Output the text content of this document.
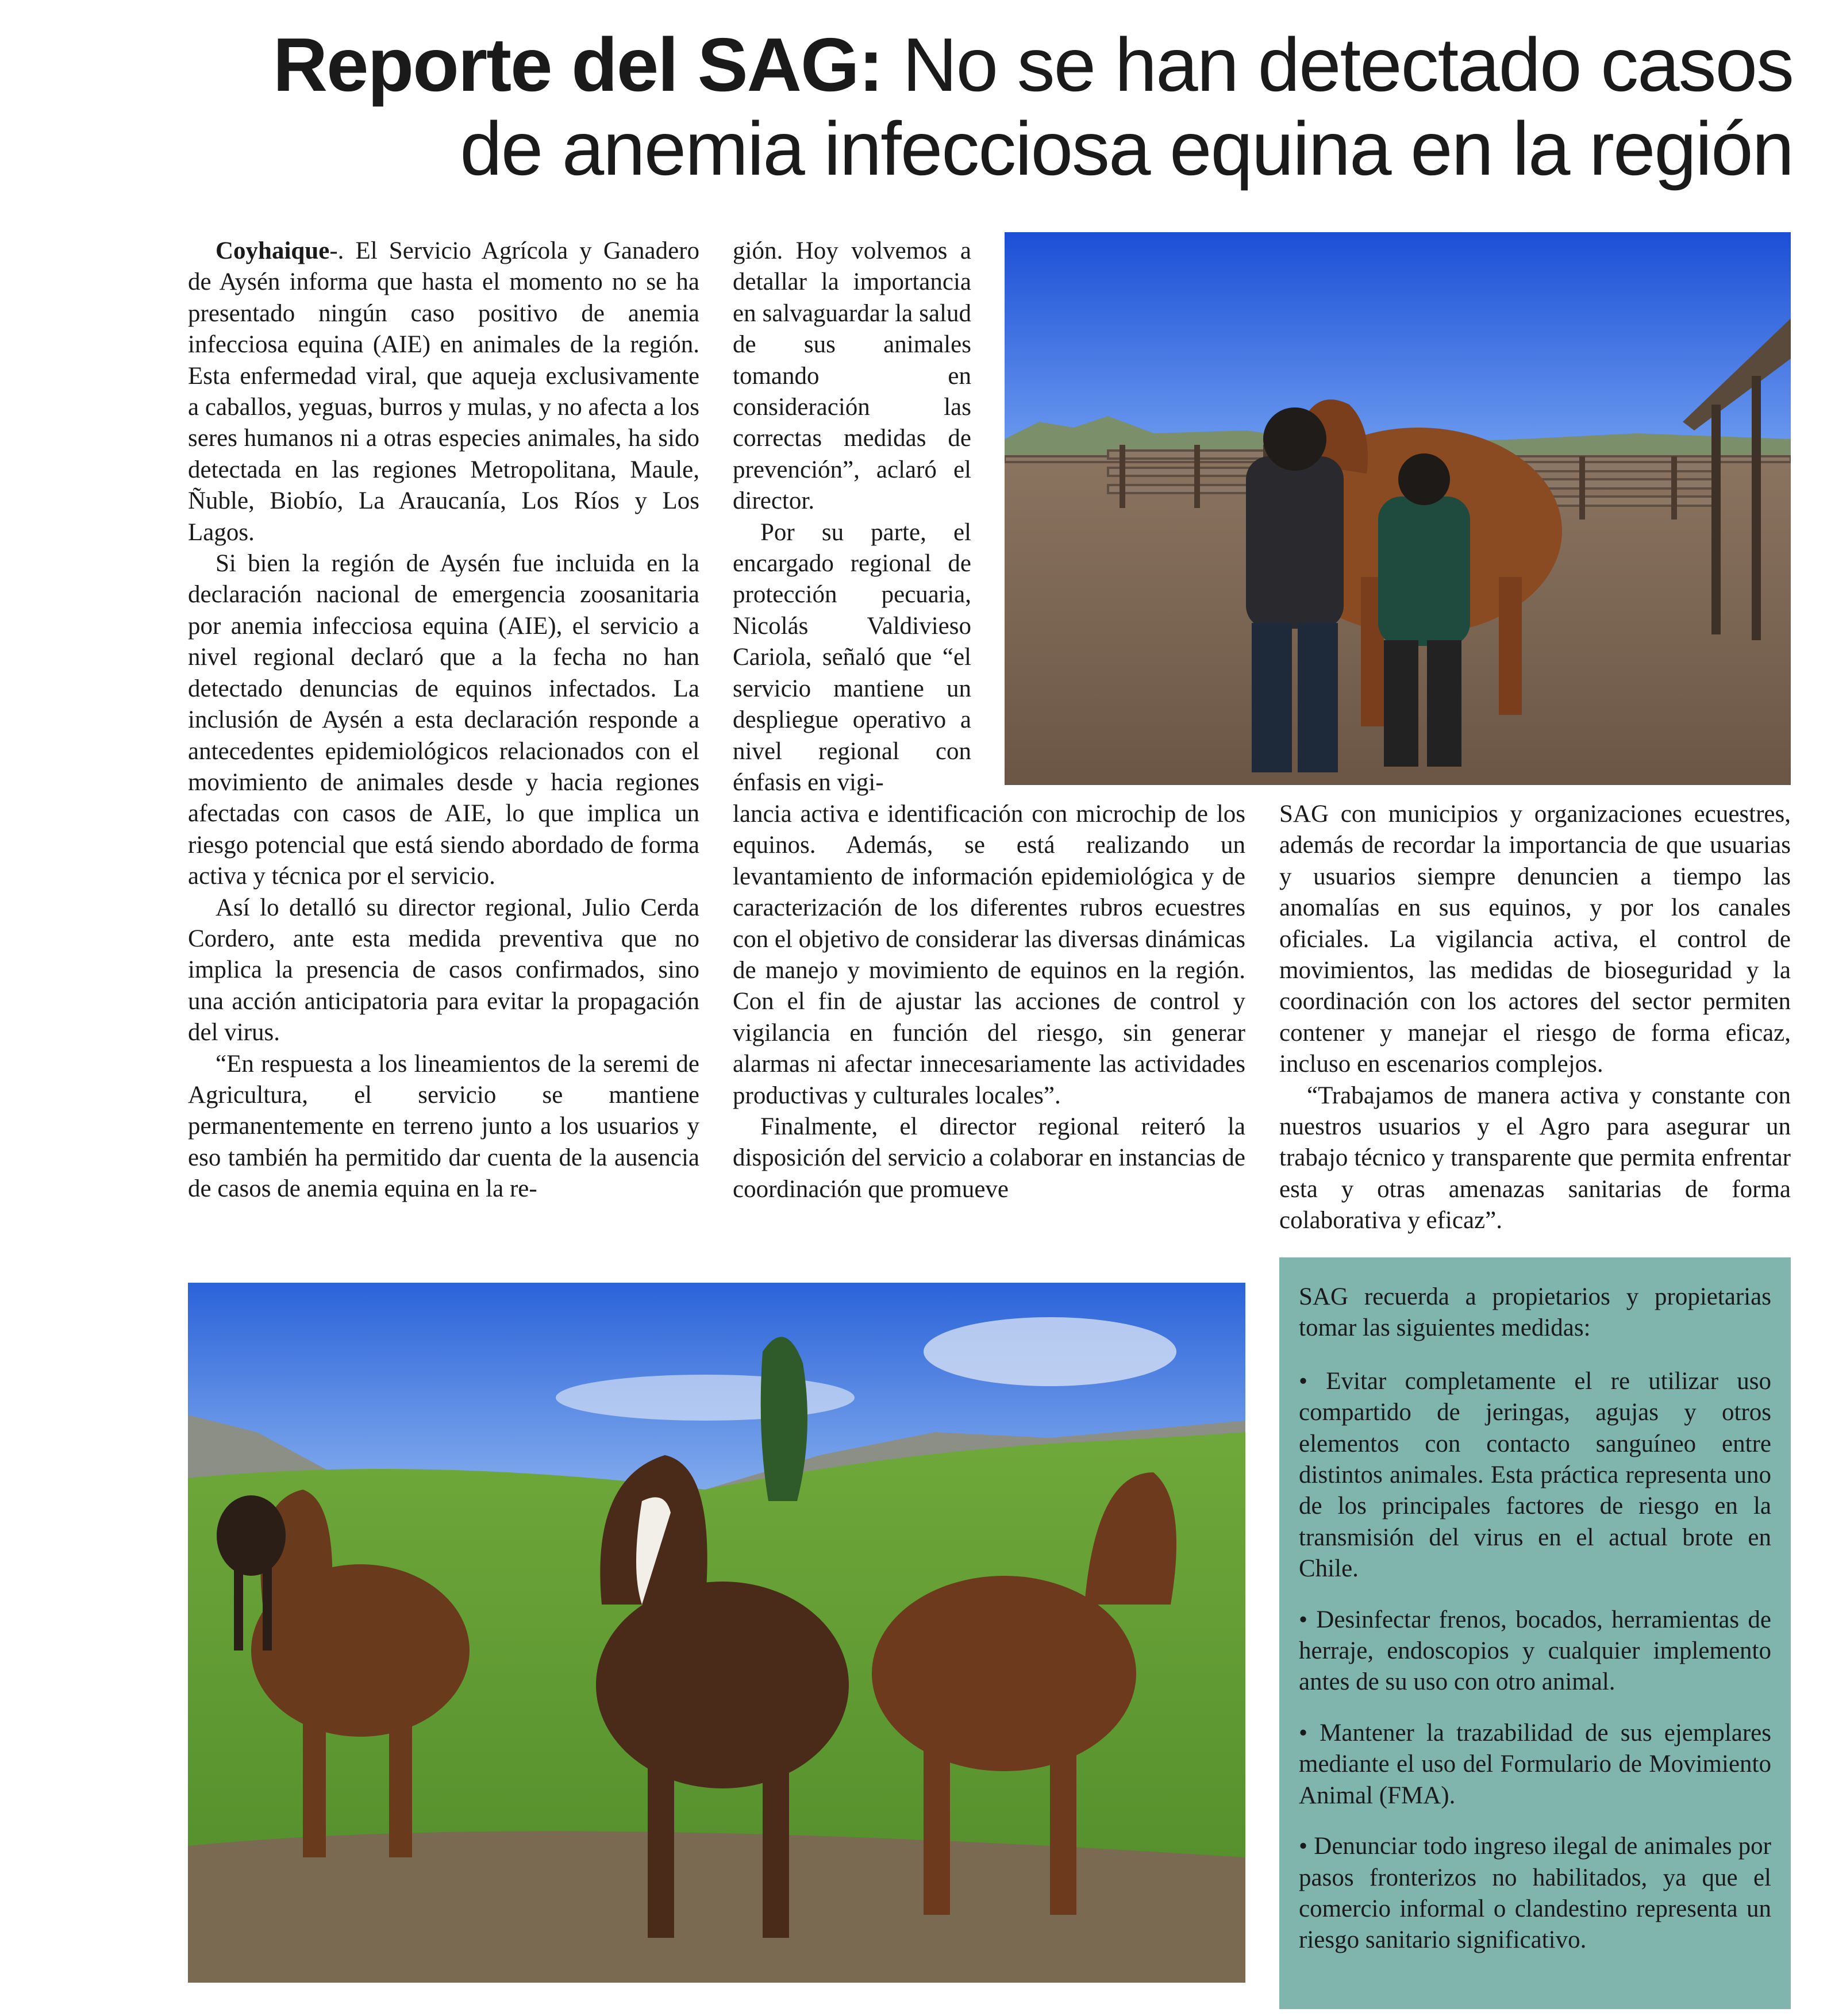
Reporte del SAG: No se han detectado casos de anemia infecciosa equina en la región

Coyhaique-. El Servicio Agrícola y Ganadero de Aysén informa que hasta el momento no se ha presentado ningún caso positivo de anemia infecciosa equina (AIE) en animales de la región. Esta enfermedad viral, que aqueja exclusivamente a caballos, yeguas, burros y mulas, y no afecta a los seres humanos ni a otras especies animales, ha sido detectada en las regiones Metropolitana, Maule, Ñuble, Biobío, La Araucanía, Los Ríos y Los Lagos.

Si bien la región de Aysén fue incluida en la declaración nacional de emergencia zoosanitaria por anemia infecciosa equina (AIE), el servicio a nivel regional declaró que a la fecha no han detectado denuncias de equinos infectados. La inclusión de Aysén a esta declaración responde a antecedentes epidemiológicos relacionados con el movimiento de animales desde y hacia regiones afectadas con casos de AIE, lo que implica un riesgo potencial que está siendo abordado de forma activa y técnica por el servicio.

Así lo detalló su director regional, Julio Cerda Cordero, ante esta medida preventiva que no implica la presencia de casos confirmados, sino una acción anticipatoria para evitar la propagación del virus.

“En respuesta a los lineamientos de la seremi de Agricultura, el servicio se mantiene permanentemente en terreno junto a los usuarios y eso también ha permitido dar cuenta de la ausencia de casos de anemia equina en la re-

gión. Hoy volvemos a detallar la importancia en salvaguardar la salud de sus animales tomando en consideración las correctas medidas de prevención”, aclaró el director.

Por su parte, el encargado regional de protección pecuaria, Nicolás Valdivieso Cariola, señaló que “el servicio mantiene un despliegue operativo a nivel regional con énfasis en vigi-

lancia activa e identificación con microchip de los equinos. Además, se está realizando un levantamiento de información epidemiológica y de caracterización de los diferentes rubros ecuestres con el objetivo de considerar las diversas dinámicas de manejo y movimiento de equinos en la región. Con el fin de ajustar las acciones de control y vigilancia en función del riesgo, sin generar alarmas ni afectar innecesariamente las actividades productivas y culturales locales”.

Finalmente, el director regional reiteró la disposición del servicio a colaborar en instancias de coordinación que promueve

SAG con municipios y organizaciones ecuestres, además de recordar la importancia de que usuarias y usuarios siempre denuncien a tiempo las anomalías en sus equinos, y por los canales oficiales. La vigilancia activa, el control de movimientos, las medidas de bioseguridad y la coordinación con los actores del sector permiten contener y manejar el riesgo de forma eficaz, incluso en escenarios complejos.

“Trabajamos de manera activa y constante con nuestros usuarios y el Agro para asegurar un trabajo técnico y transparente que permita enfrentar esta y otras amenazas sanitarias de forma colaborativa y eficaz”.

SAG recuerda a propietarios y propietarias tomar las siguientes medidas:

• Evitar completamente el re utilizar uso compartido de jeringas, agujas y otros elementos con contacto sanguíneo entre distintos animales. Esta práctica representa uno de los principales factores de riesgo en la transmisión del virus en el actual brote en Chile.

• Desinfectar frenos, bocados, herramientas de herraje, endoscopios y cualquier implemento antes de su uso con otro animal.

• Mantener la trazabilidad de sus ejemplares mediante el uso del Formulario de Movimiento Animal (FMA).

• Denunciar todo ingreso ilegal de animales por pasos fronterizos no habilitados, ya que el comercio informal o clandestino representa un riesgo sanitario significativo.
